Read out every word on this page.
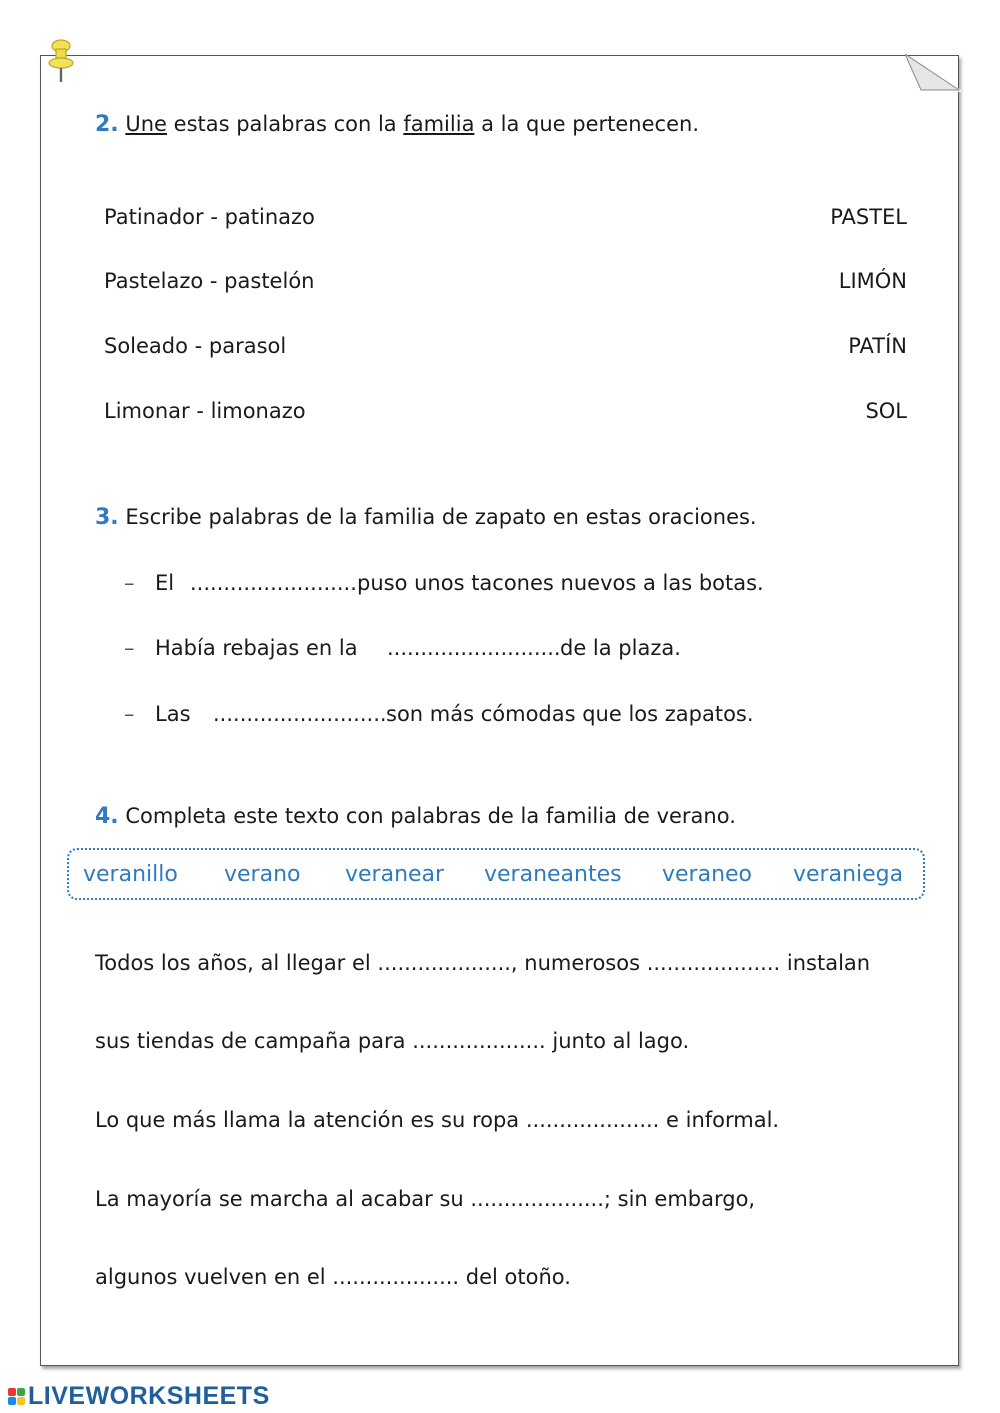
2. Une estas palabras con la familia a la que pertenecen.
Patinador - patinazo
Pastelazo - pastelón
Soleado - parasol
Limonar - limonazo
PASTEL
LIMÓN
PATÍN
SOL
3. Escribe palabras de la familia de zapato en estas oraciones.
– El ..........................
puso unos tacones nuevos a las botas.
– Había rebajas en la .......................... de la plaza.
– Las .......................... son más cómodas que los zapatos.
4. Completa este texto con palabras de la familia de verano.
veranillo verano veranear veraneantes veraneo veraniega
Todos los años, al llegar el ...................., numerosos .................... instalan
sus tiendas de campaña para .................... junto al lago.
Lo que más llama la atención es su ropa .................... e informal.
La mayoría se marcha al acabar su ....................; sin embargo,
algunos vuelven en el ................... del otoño.
LIVEWORKSHEETS
